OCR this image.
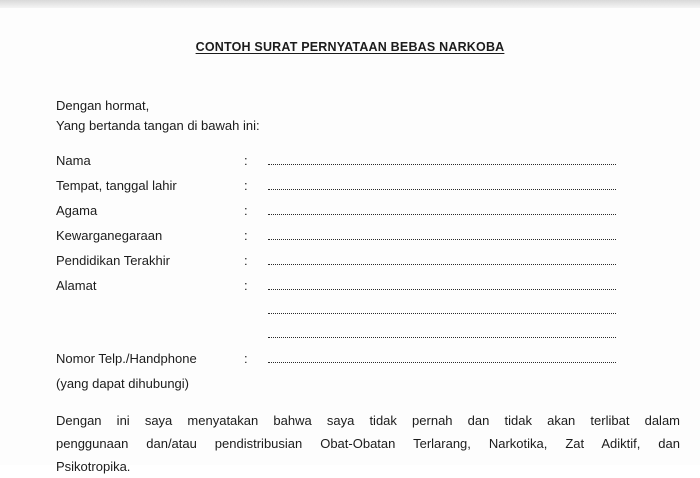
CONTOH SURAT PERNYATAAN BEBAS NARKOBA
Dengan hormat,
Yang bertanda tangan di bawah ini:
Nama	:
Tempat, tanggal lahir	:
Agama	:
Kewarganegaraan	:
Pendidikan Terakhir	:
Alamat	:
Nomor Telp./Handphone	:
(yang dapat dihubungi)
Dengan ini saya menyatakan bahwa saya tidak pernah dan tidak akan terlibat dalam
penggunaan dan/atau pendistribusian Obat-Obatan Terlarang, Narkotika, Zat Adiktif, dan
Psikotropika.
